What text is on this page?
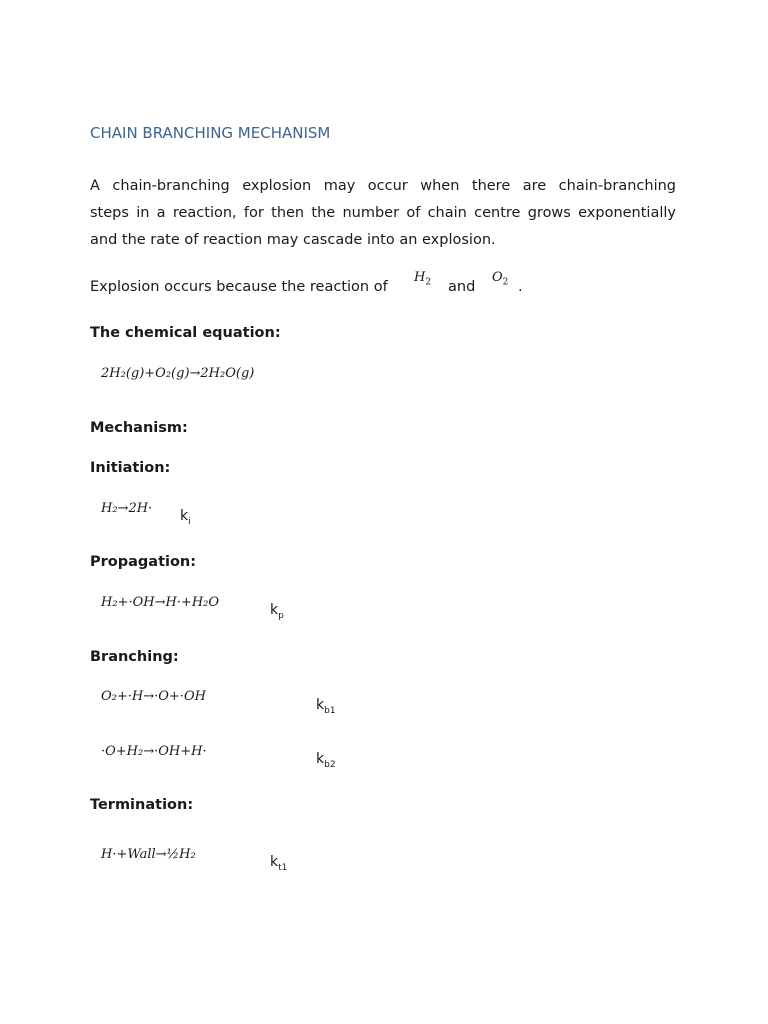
CHAIN BRANCHING MECHANISM
A chain-branching explosion may occur when there are chain-branching
steps in a reaction, for then the number of chain centre grows exponentially
and the rate of reaction may cascade into an explosion.
Explosion occurs because the reaction of
$H_2$ and
$O_2$ .
The chemical equation:
2H₂(g)+O₂(g)→2H₂O(g)
Mechanism:
Initiation:
$H_2\to 2H\cdot k_i$
Propagation:
H₂+·OH→H·+H₂O	$k_p$
Branching:
O₂+·H→·O+·OH
$k_{b1}$
·O+H₂→·OH+H·	$k_{b2}$
Termination:
H·+Wall→½H₂	$k_{t1}$
